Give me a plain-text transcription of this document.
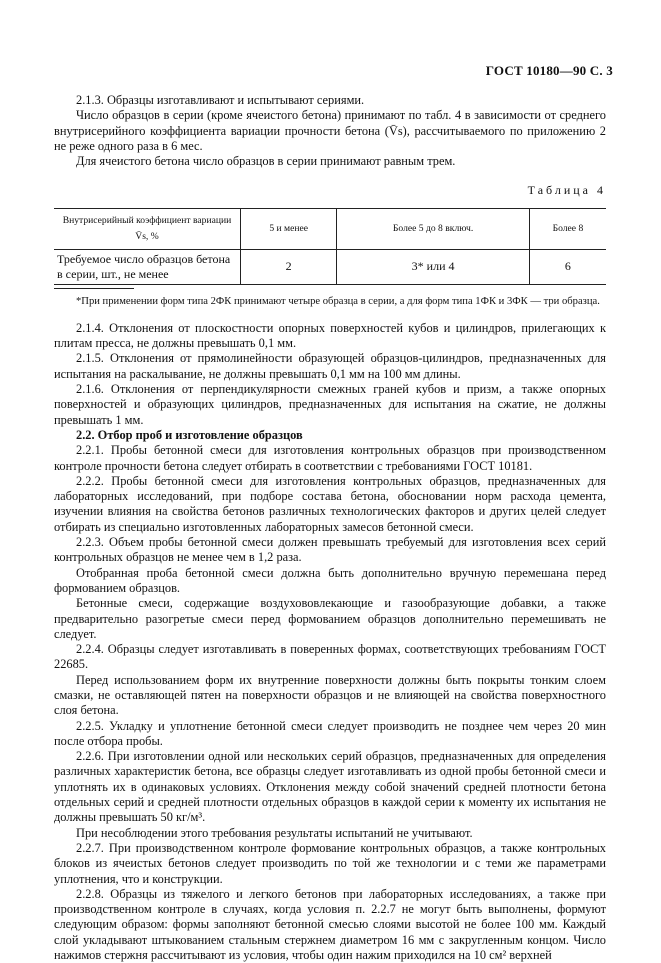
ГОСТ 10180—90 С. 3

2.1.3. Образцы изготавливают и испытывают сериями.

Число образцов в серии (кроме ячеистого бетона) принимают по табл. 4 в зависимости от среднего внутрисерийного коэффициента вариации прочности бетона (V̄s), рассчитываемого по приложению 2 не реже одного раза в 6 мес.

Для ячеистого бетона число образцов в серии принимают равным трем.

Таблица 4
Внутрисерийный коэффициент вариации V̄s, %	5 и менее	Более 5 до 8 включ.	Более 8
Требуемое число образцов бетона в серии, шт., не менее	2	3* или 4	6
*При применении форм типа 2ФК принимают четыре образца в серии, а для форм типа 1ФК и 3ФК — три образца.

2.1.4. Отклонения от плоскостности опорных поверхностей кубов и цилиндров, прилегающих к плитам пресса, не должны превышать 0,1 мм.

2.1.5. Отклонения от прямолинейности образующей образцов-цилиндров, предназначенных для испытания на раскалывание, не должны превышать 0,1 мм на 100 мм длины.

2.1.6. Отклонения от перпендикулярности смежных граней кубов и призм, а также опорных поверхностей и образующих цилиндров, предназначенных для испытания на сжатие, не должны превышать 1 мм.

2.2. Отбор проб и изготовление образцов

2.2.1. Пробы бетонной смеси для изготовления контрольных образцов при производственном контроле прочности бетона следует отбирать в соответствии с требованиями ГОСТ 10181.

2.2.2. Пробы бетонной смеси для изготовления контрольных образцов, предназначенных для лабораторных исследований, при подборе состава бетона, обосновании норм расхода цемента, изучении влияния на свойства бетонов различных технологических факторов и других целей следует отбирать из специально изготовленных лабораторных замесов бетонной смеси.

2.2.3. Объем пробы бетонной смеси должен превышать требуемый для изготовления всех серий контрольных образцов не менее чем в 1,2 раза.

Отобранная проба бетонной смеси должна быть дополнительно вручную перемешана перед формованием образцов.

Бетонные смеси, содержащие воздухововлекающие и газообразующие добавки, а также предварительно разогретые смеси перед формованием образцов дополнительно перемешивать не следует.

2.2.4. Образцы следует изготавливать в поверенных формах, соответствующих требованиям ГОСТ 22685.

Перед использованием форм их внутренние поверхности должны быть покрыты тонким слоем смазки, не оставляющей пятен на поверхности образцов и не влияющей на свойства поверхностного слоя бетона.

2.2.5. Укладку и уплотнение бетонной смеси следует производить не позднее чем через 20 мин после отбора пробы.

2.2.6. При изготовлении одной или нескольких серий образцов, предназначенных для определения различных характеристик бетона, все образцы следует изготавливать из одной пробы бетонной смеси и уплотнять их в одинаковых условиях. Отклонения между собой значений средней плотности бетона отдельных серий и средней плотности отдельных образцов в каждой серии к моменту их испытания не должны превышать 50 кг/м³.

При несоблюдении этого требования результаты испытаний не учитывают.

2.2.7. При производственном контроле формование контрольных образцов, а также контрольных блоков из ячеистых бетонов следует производить по той же технологии и с теми же параметрами уплотнения, что и конструкции.

2.2.8. Образцы из тяжелого и легкого бетонов при лабораторных исследованиях, а также при производственном контроле в случаях, когда условия п. 2.2.7 не могут быть выполнены, формуют следующим образом: формы заполняют бетонной смесью слоями высотой не более 100 мм. Каждый слой укладывают штыкованием стальным стержнем диаметром 16 мм с закругленным концом. Число нажимов стержня рассчитывают из условия, чтобы один нажим приходился на 10 см² верхней
